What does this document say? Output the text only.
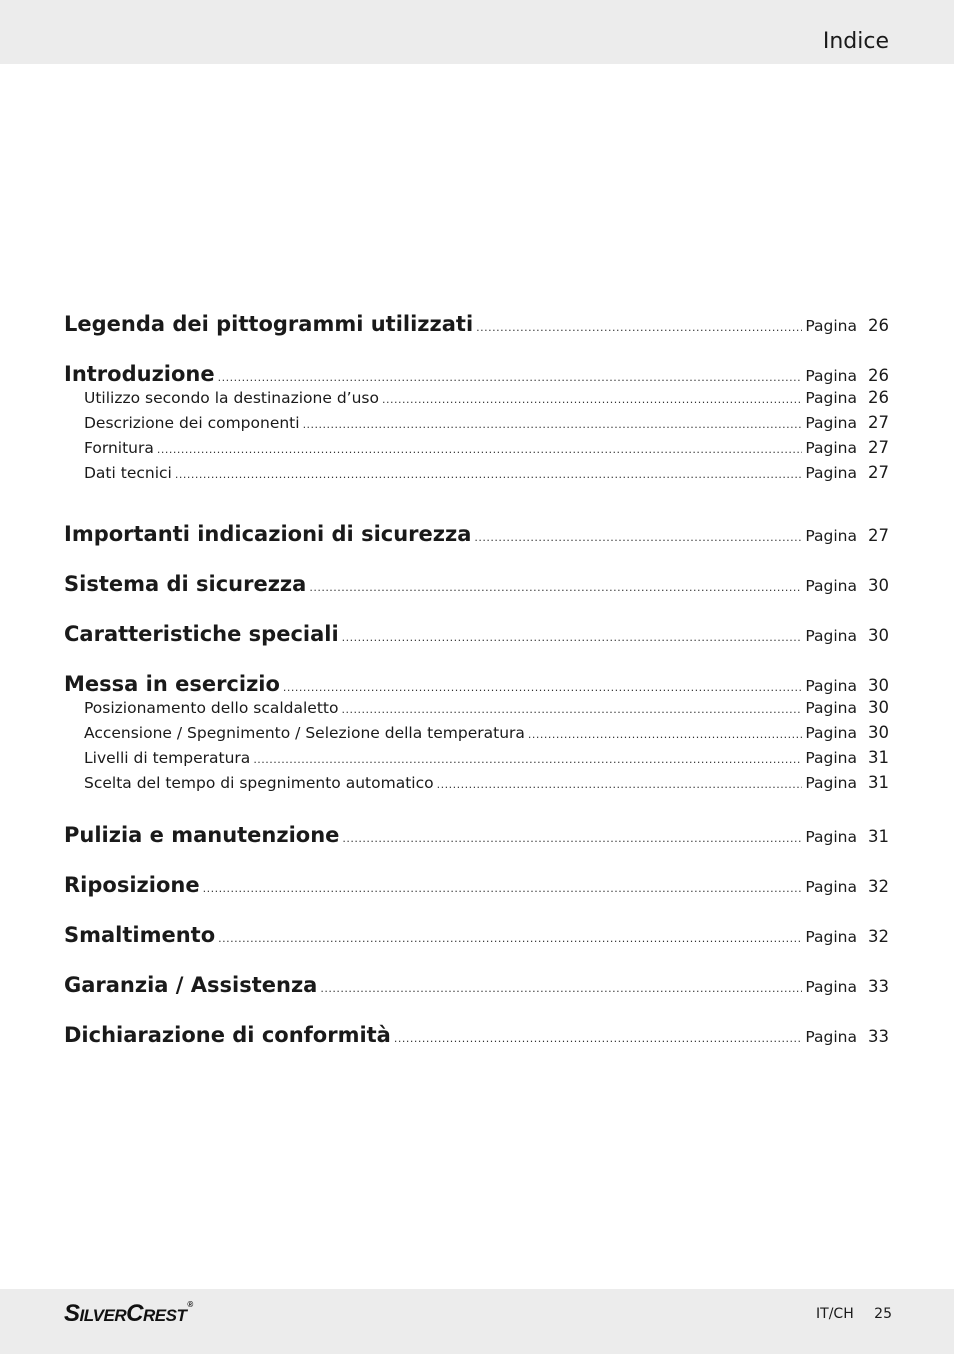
Indice
Legenda dei pittogrammi utilizzati .....	Pagina 26
Introduzione .....	Pagina 26
Utilizzo secondo la destinazione d’uso .....	Pagina 26
Descrizione dei componenti .....	Pagina 27
Fornitura .....	Pagina 27
Dati tecnici .....	Pagina 27
Importanti indicazioni di sicurezza .....	Pagina 27
Sistema di sicurezza .....	Pagina 30
Caratteristiche speciali .....	Pagina 30
Messa in esercizio .....	Pagina 30
Posizionamento dello scaldaletto .....	Pagina 30
Accensione / Spegnimento / Selezione della temperatura .....	Pagina 30
Livelli di temperatura .....	Pagina 31
Scelta del tempo di spegnimento automatico .....	Pagina 31
Pulizia e manutenzione .....	Pagina 31
Riposizione .....	Pagina 32
Smaltimento .....	Pagina 32
Garanzia / Assistenza .....	Pagina 33
Dichiarazione di conformità .....	Pagina 33
SILVERCREST®
IT/CH 25
